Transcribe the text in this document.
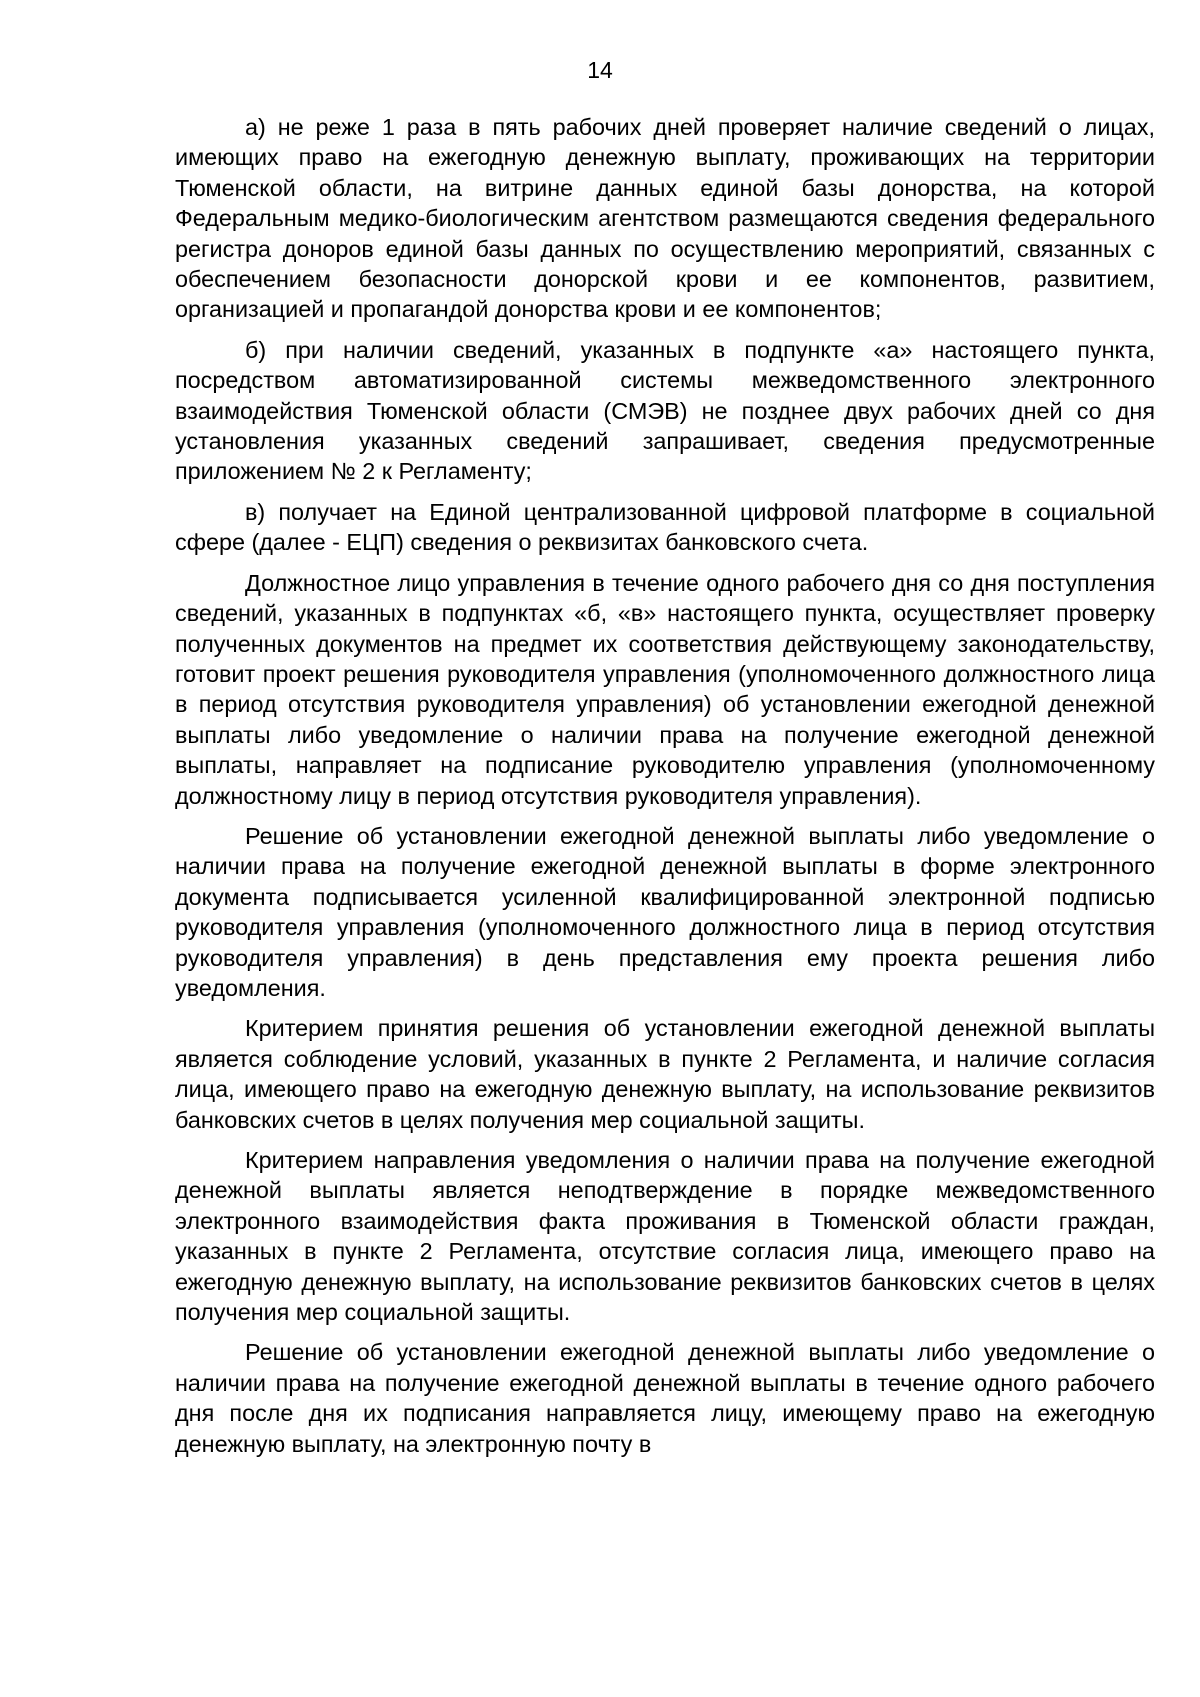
14

а) не реже 1 раза в пять рабочих дней проверяет наличие сведений о лицах, имеющих право на ежегодную денежную выплату, проживающих на территории Тюменской области, на витрине данных единой базы донорства, на которой Федеральным медико-биологическим агентством размещаются сведения федерального регистра доноров единой базы данных по осуществлению мероприятий, связанных с обеспечением безопасности донорской крови и ее компонентов, развитием, организацией и пропагандой донорства крови и ее компонентов;

б) при наличии сведений, указанных в подпункте «а» настоящего пункта, посредством автоматизированной системы межведомственного электронного взаимодействия Тюменской области (СМЭВ) не позднее двух рабочих дней со дня установления указанных сведений запрашивает, сведения предусмотренные приложением № 2 к Регламенту;

в) получает на Единой централизованной цифровой платформе в социальной сфере (далее - ЕЦП) сведения о реквизитах банковского счета.

Должностное лицо управления в течение одного рабочего дня со дня поступления сведений, указанных в подпунктах «б, «в» настоящего пункта, осуществляет проверку полученных документов на предмет их соответствия действующему законодательству, готовит проект решения руководителя управления (уполномоченного должностного лица в период отсутствия руководителя управления) об установлении ежегодной денежной выплаты либо уведомление о наличии права на получение ежегодной денежной выплаты, направляет на подписание руководителю управления (уполномоченному должностному лицу в период отсутствия руководителя управления).

Решение об установлении ежегодной денежной выплаты либо уведомление о наличии права на получение ежегодной денежной выплаты в форме электронного документа подписывается усиленной квалифицированной электронной подписью руководителя управления (уполномоченного должностного лица в период отсутствия руководителя управления) в день представления ему проекта решения либо уведомления.

Критерием принятия решения об установлении ежегодной денежной выплаты является соблюдение условий, указанных в пункте 2 Регламента, и наличие согласия лица, имеющего право на ежегодную денежную выплату, на использование реквизитов банковских счетов в целях получения мер социальной защиты.

Критерием направления уведомления о наличии права на получение ежегодной денежной выплаты является неподтверждение в порядке межведомственного электронного взаимодействия факта проживания в Тюменской области граждан, указанных в пункте 2 Регламента, отсутствие согласия лица, имеющего право на ежегодную денежную выплату, на использование реквизитов банковских счетов в целях получения мер социальной защиты.

Решение об установлении ежегодной денежной выплаты либо уведомление о наличии права на получение ежегодной денежной выплаты в течение одного рабочего дня после дня их подписания направляется лицу, имеющему право на ежегодную денежную выплату, на электронную почту в
